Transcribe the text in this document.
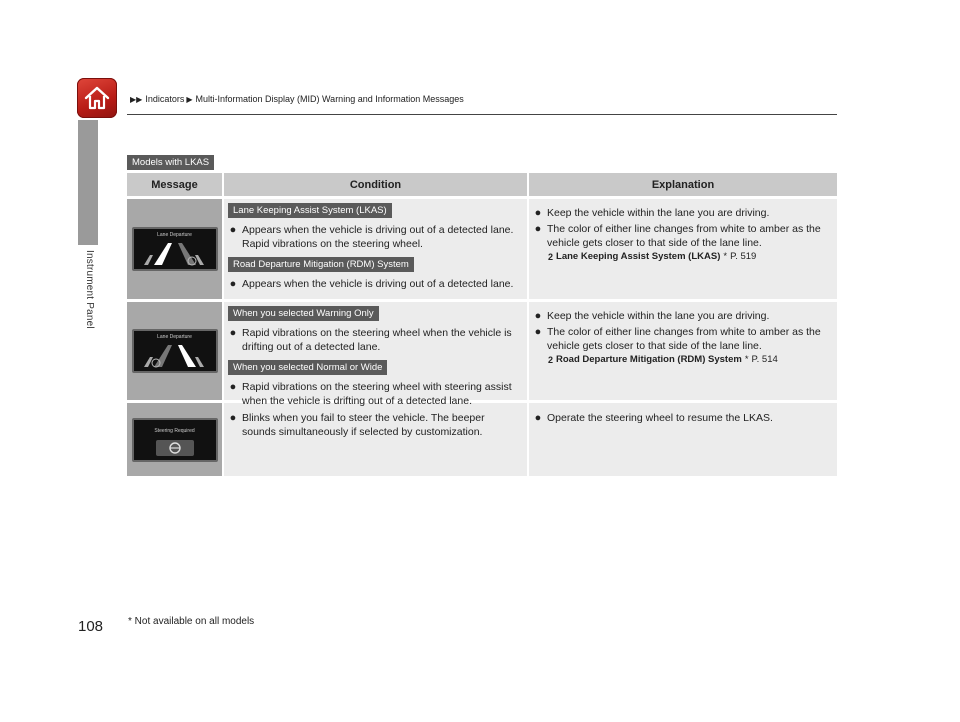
▶▶ Indicators ▶ Multi-Information Display (MID) Warning and Information Messages
Instrument Panel
Models with LKAS
Message	Condition	Explanation
Lane Departure
Lane Keeping Assist System (LKAS)
● Appears when the vehicle is driving out of a detected lane. Rapid vibrations on the steering wheel.
Road Departure Mitigation (RDM) System
● Appears when the vehicle is driving out of a detected lane.
● Keep the vehicle within the lane you are driving.
● The color of either line changes from white to amber as the vehicle gets closer to that side of the lane line.
2 Lane Keeping Assist System (LKAS) * P. 519
Lane Departure
When you selected Warning Only
● Rapid vibrations on the steering wheel when the vehicle is drifting out of a detected lane.
When you selected Normal or Wide
● Rapid vibrations on the steering wheel with steering assist when the vehicle is drifting out of a detected lane.
● Keep the vehicle within the lane you are driving.
● The color of either line changes from white to amber as the vehicle gets closer to that side of the lane line.
2 Road Departure Mitigation (RDM) System * P. 514
Steering Required
● Blinks when you fail to steer the vehicle. The beeper sounds simultaneously if selected by customization.
● Operate the steering wheel to resume the LKAS.
108 * Not available on all models
